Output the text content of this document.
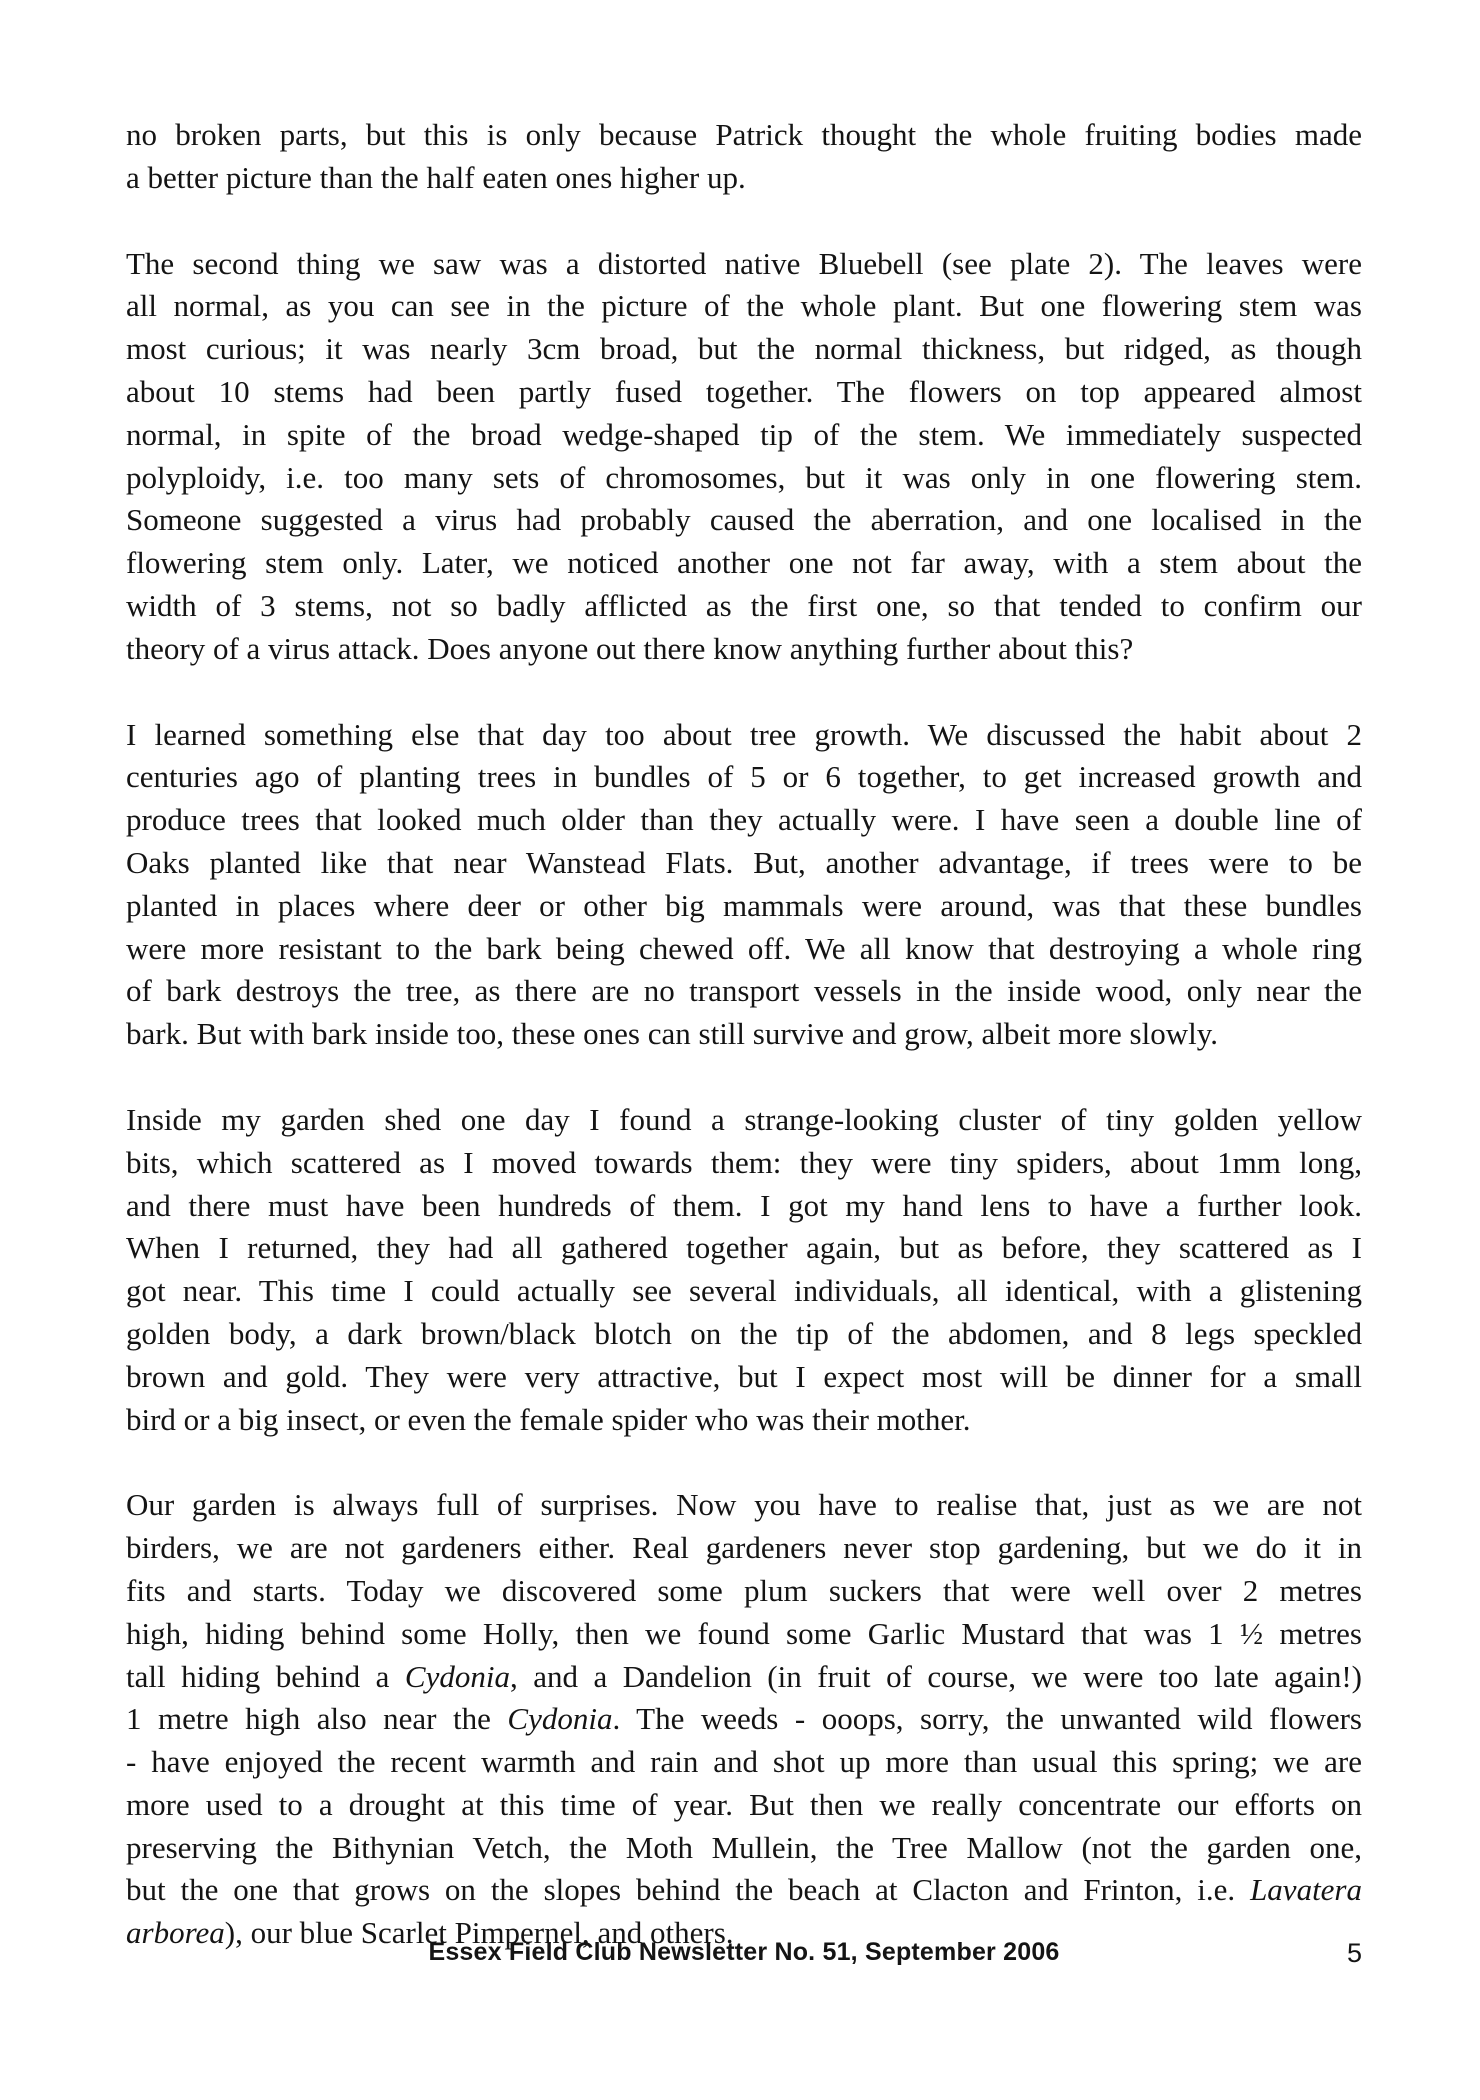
no broken parts, but this is only because Patrick thought the whole fruiting bodies made
a better picture than the half eaten ones higher up.

The second thing we saw was a distorted native Bluebell (see plate 2). The leaves were
all normal, as you can see in the picture of the whole plant. But one flowering stem was
most curious; it was nearly 3cm broad, but the normal thickness, but ridged, as though
about 10 stems had been partly fused together. The flowers on top appeared almost
normal, in spite of the broad wedge-shaped tip of the stem. We immediately suspected
polyploidy, i.e. too many sets of chromosomes, but it was only in one flowering stem.
Someone suggested a virus had probably caused the aberration, and one localised in the
flowering stem only. Later, we noticed another one not far away, with a stem about the
width of 3 stems, not so badly afflicted as the first one, so that tended to confirm our
theory of a virus attack. Does anyone out there know anything further about this?

I learned something else that day too about tree growth. We discussed the habit about 2
centuries ago of planting trees in bundles of 5 or 6 together, to get increased growth and
produce trees that looked much older than they actually were. I have seen a double line of
Oaks planted like that near Wanstead Flats. But, another advantage, if trees were to be
planted in places where deer or other big mammals were around, was that these bundles
were more resistant to the bark being chewed off. We all know that destroying a whole ring
of bark destroys the tree, as there are no transport vessels in the inside wood, only near the
bark. But with bark inside too, these ones can still survive and grow, albeit more slowly.

Inside my garden shed one day I found a strange-looking cluster of tiny golden yellow
bits, which scattered as I moved towards them: they were tiny spiders, about 1mm long,
and there must have been hundreds of them. I got my hand lens to have a further look.
When I returned, they had all gathered together again, but as before, they scattered as I
got near. This time I could actually see several individuals, all identical, with a glistening
golden body, a dark brown/black blotch on the tip of the abdomen, and 8 legs speckled
brown and gold. They were very attractive, but I expect most will be dinner for a small
bird or a big insect, or even the female spider who was their mother.

Our garden is always full of surprises. Now you have to realise that, just as we are not
birders, we are not gardeners either. Real gardeners never stop gardening, but we do it in
fits and starts. Today we discovered some plum suckers that were well over 2 metres
high, hiding behind some Holly, then we found some Garlic Mustard that was 1 ½ metres
tall hiding behind a Cydonia, and a Dandelion (in fruit of course, we were too late again!)
1 metre high also near the Cydonia. The weeds - ooops, sorry, the unwanted wild flowers
- have enjoyed the recent warmth and rain and shot up more than usual this spring; we are
more used to a drought at this time of year. But then we really concentrate our efforts on
preserving the Bithynian Vetch, the Moth Mullein, the Tree Mallow (not the garden one,
but the one that grows on the slopes behind the beach at Clacton and Frinton, i.e. Lavatera
arborea), our blue Scarlet Pimpernel, and others.

Essex Field Club Newsletter No. 51, September 2006	5
